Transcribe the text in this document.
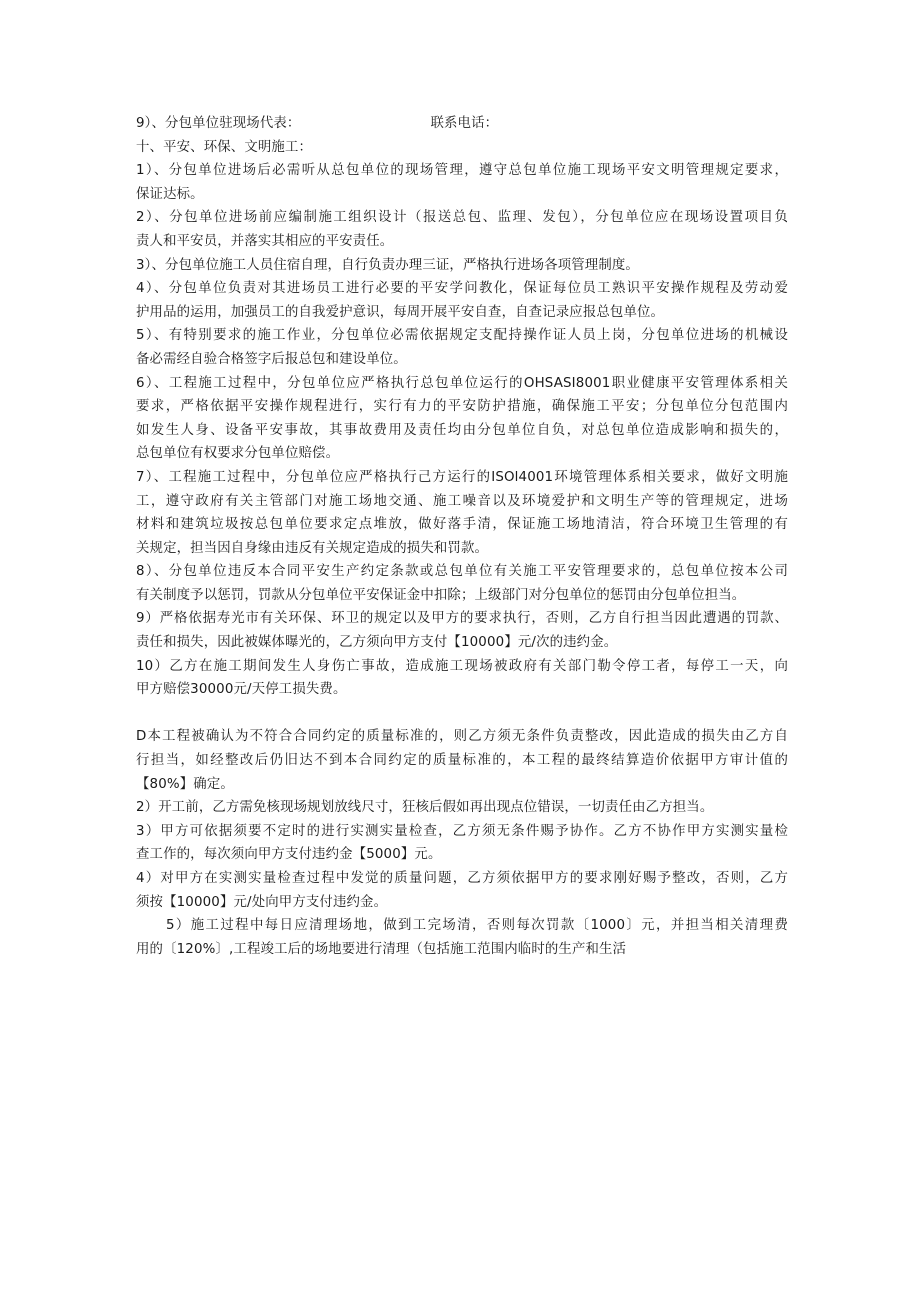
9）、分包单位驻现场代表：	联系电话：
十、平安、环保、文明施工：
1）、分包单位进场后必需听从总包单位的现场管理，遵守总包单位施工现场平安文明管理规定要求，
保证达标。
2）、分包单位进场前应编制施工组织设计（报送总包、监理、发包），分包单位应在现场设置项目负
责人和平安员，并落实其相应的平安责任。
3）、分包单位施工人员住宿自理，自行负责办理三证，严格执行进场各项管理制度。
4）、分包单位负责对其进场员工进行必要的平安学问教化，保证每位员工熟识平安操作规程及劳动爱
护用品的运用，加强员工的自我爱护意识，每周开展平安自查，自查记录应报总包单位。
5）、有特别要求的施工作业，分包单位必需依据规定支配持操作证人员上岗，分包单位进场的机械设
备必需经自验合格签字后报总包和建设单位。
6）、工程施工过程中，分包单位应严格执行总包单位运行的OHSASI8001职业健康平安管理体系相关
要求，严格依据平安操作规程进行，实行有力的平安防护措施，确保施工平安；分包单位分包范围内
如发生人身、设备平安事故，其事故费用及责任均由分包单位自负，对总包单位造成影响和损失的，
总包单位有权要求分包单位赔偿。
7）、工程施工过程中，分包单位应严格执行己方运行的ISOl4001环境管理体系相关要求，做好文明施
工，遵守政府有关主管部门对施工场地交通、施工噪音以及环境爱护和文明生产等的管理规定，进场
材料和建筑垃圾按总包单位要求定点堆放，做好落手清，保证施工场地清洁，符合环境卫生管理的有
关规定，担当因自身缘由违反有关规定造成的损失和罚款。
8）、分包单位违反本合同平安生产约定条款或总包单位有关施工平安管理要求的，总包单位按本公司
有关制度予以惩罚，罚款从分包单位平安保证金中扣除；上级部门对分包单位的惩罚由分包单位担当。
9）严格依据寿光市有关环保、环卫的规定以及甲方的要求执行，否则，乙方自行担当因此遭遇的罚款、
责任和损失，因此被媒体曝光的，乙方须向甲方支付【10000】元/次的违约金。
10）乙方在施工期间发生人身伤亡事故，造成施工现场被政府有关部门勒令停工者，每停工一天，向
甲方赔偿30000元/天停工损失费。
D本工程被确认为不符合合同约定的质量标准的，则乙方须无条件负责整改，因此造成的损失由乙方自
行担当，如经整改后仍旧达不到本合同约定的质量标准的，本工程的最终结算造价依据甲方审计值的
【80%】确定。
2）开工前，乙方需免核现场规划放线尺寸，狂核后假如再出现点位错误，一切责任由乙方担当。
3）甲方可依据须要不定时的进行实测实量检查，乙方须无条件赐予协作。乙方不协作甲方实测实量检
查工作的，每次须向甲方支付违约金【5000】元。
4）对甲方在实测实量检查过程中发觉的质量问题，乙方须依据甲方的要求刚好赐予整改，否则，乙方
须按【10000】元/处向甲方支付违约金。
5）施工过程中每日应清理场地，做到工完场清，否则每次罚款〔1000〕元，并担当相关清理费
用的〔120%〕,工程竣工后的场地要进行清理（包括施工范围内临时的生产和生活
